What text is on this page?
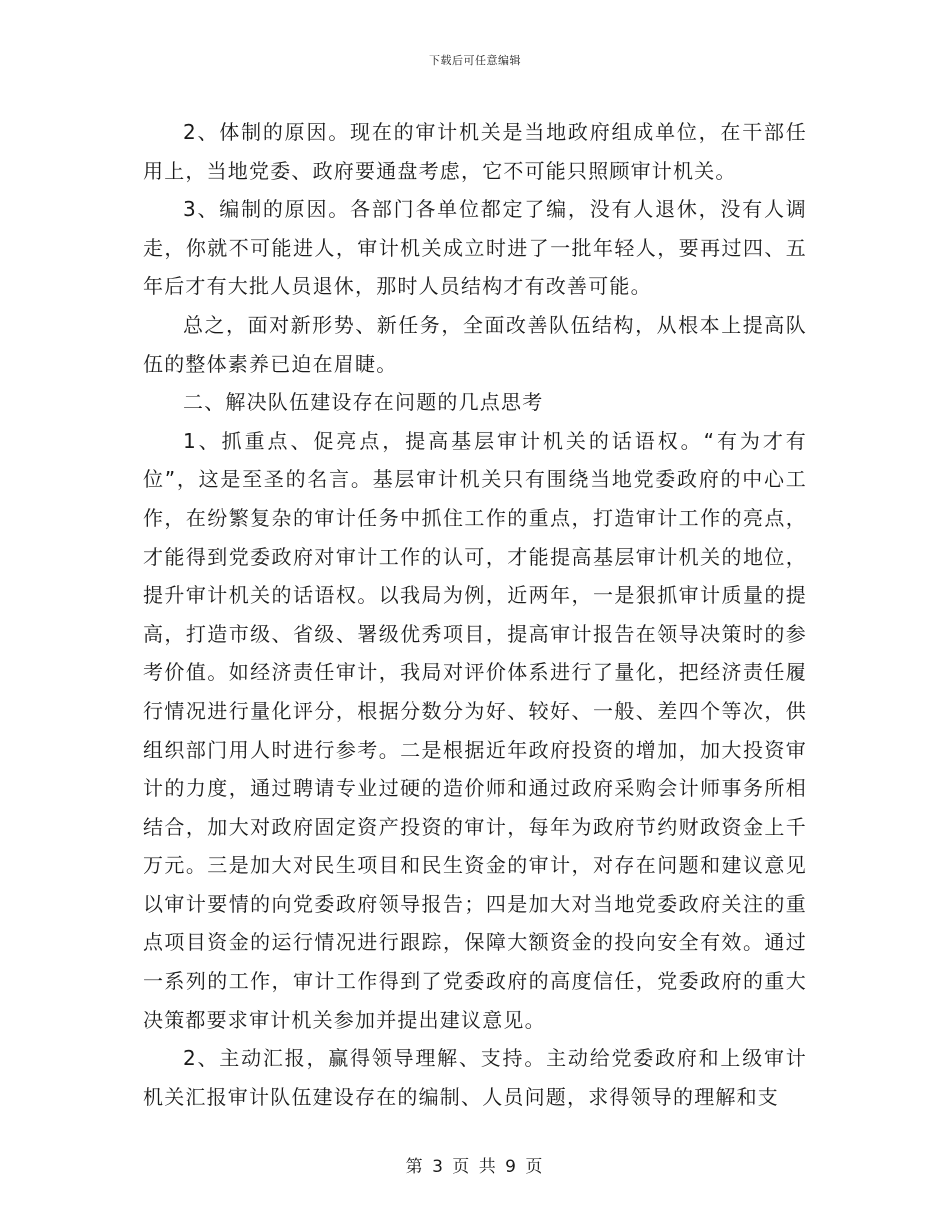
下载后可任意编辑

2、体制的原因。现在的审计机关是当地政府组成单位，在干部任用上，当地党委、政府要通盘考虑，它不可能只照顾审计机关。

3、编制的原因。各部门各单位都定了编，没有人退休，没有人调走，你就不可能进人，审计机关成立时进了一批年轻人，要再过四、五年后才有大批人员退休，那时人员结构才有改善可能。

总之，面对新形势、新任务，全面改善队伍结构，从根本上提高队伍的整体素养已迫在眉睫。

二、解决队伍建设存在问题的几点思考

1、抓重点、促亮点，提高基层审计机关的话语权。“有为才有位”，这是至圣的名言。基层审计机关只有围绕当地党委政府的中心工作，在纷繁复杂的审计任务中抓住工作的重点，打造审计工作的亮点，才能得到党委政府对审计工作的认可，才能提高基层审计机关的地位，提升审计机关的话语权。以我局为例，近两年，一是狠抓审计质量的提高，打造市级、省级、署级优秀项目，提高审计报告在领导决策时的参考价值。如经济责任审计，我局对评价体系进行了量化，把经济责任履行情况进行量化评分，根据分数分为好、较好、一般、差四个等次，供组织部门用人时进行参考。二是根据近年政府投资的增加，加大投资审计的力度，通过聘请专业过硬的造价师和通过政府采购会计师事务所相结合，加大对政府固定资产投资的审计，每年为政府节约财政资金上千万元。三是加大对民生项目和民生资金的审计，对存在问题和建议意见以审计要情的向党委政府领导报告；四是加大对当地党委政府关注的重点项目资金的运行情况进行跟踪，保障大额资金的投向安全有效。通过一系列的工作，审计工作得到了党委政府的高度信任，党委政府的重大决策都要求审计机关参加并提出建议意见。

2、主动汇报，赢得领导理解、支持。主动给党委政府和上级审计机关汇报审计队伍建设存在的编制、人员问题，求得领导的理解和支

第 3 页 共 9 页
